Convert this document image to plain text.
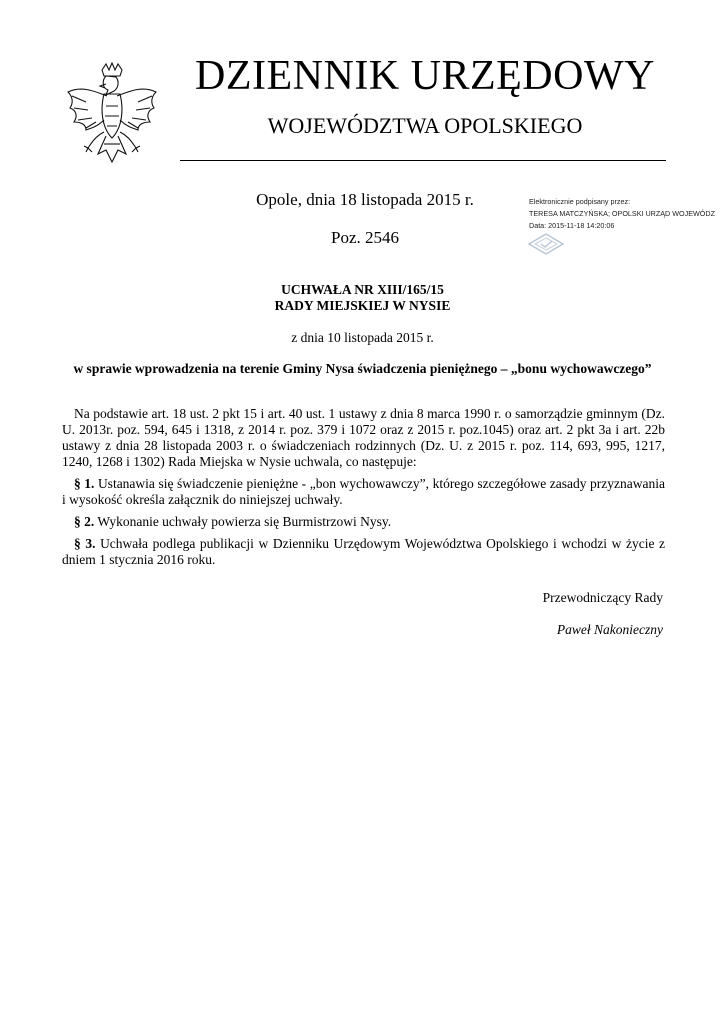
DZIENNIK URZĘDOWY
WOJEWÓDZTWA OPOLSKIEGO
Opole, dnia 18 listopada 2015 r.
Poz. 2546
Elektronicznie podpisany przez:
TERESA MATCZYŃSKA; OPOLSKI URZĄD WOJEWÓDZ
Data: 2015-11-18 14:20:06
UCHWAŁA NR XIII/165/15
RADY MIEJSKIEJ W NYSIE
z dnia 10 listopada 2015 r.
w sprawie wprowadzenia na terenie Gminy Nysa świadczenia pieniężnego – „bonu wychowawczego”

Na podstawie art. 18 ust. 2 pkt 15 i art. 40 ust. 1 ustawy z dnia 8 marca 1990 r. o samorządzie gminnym (Dz. U. 2013r. poz. 594, 645 i 1318, z 2014 r. poz. 379 i 1072 oraz z 2015 r. poz.1045) oraz art. 2 pkt 3a i art. 22b ustawy z dnia 28 listopada 2003 r. o świadczeniach rodzinnych (Dz. U. z 2015 r. poz. 114, 693, 995, 1217, 1240, 1268 i 1302) Rada Miejska w Nysie uchwala, co następuje:

§ 1. Ustanawia się świadczenie pieniężne - „bon wychowawczy”, którego szczegółowe zasady przyznawania i wysokość określa załącznik do niniejszej uchwały.

§ 2. Wykonanie uchwały powierza się Burmistrzowi Nysy.

§ 3. Uchwała podlega publikacji w Dzienniku Urzędowym Województwa Opolskiego i wchodzi w życie z dniem 1 stycznia 2016 roku.

Przewodniczący Rady
Paweł Nakonieczny
